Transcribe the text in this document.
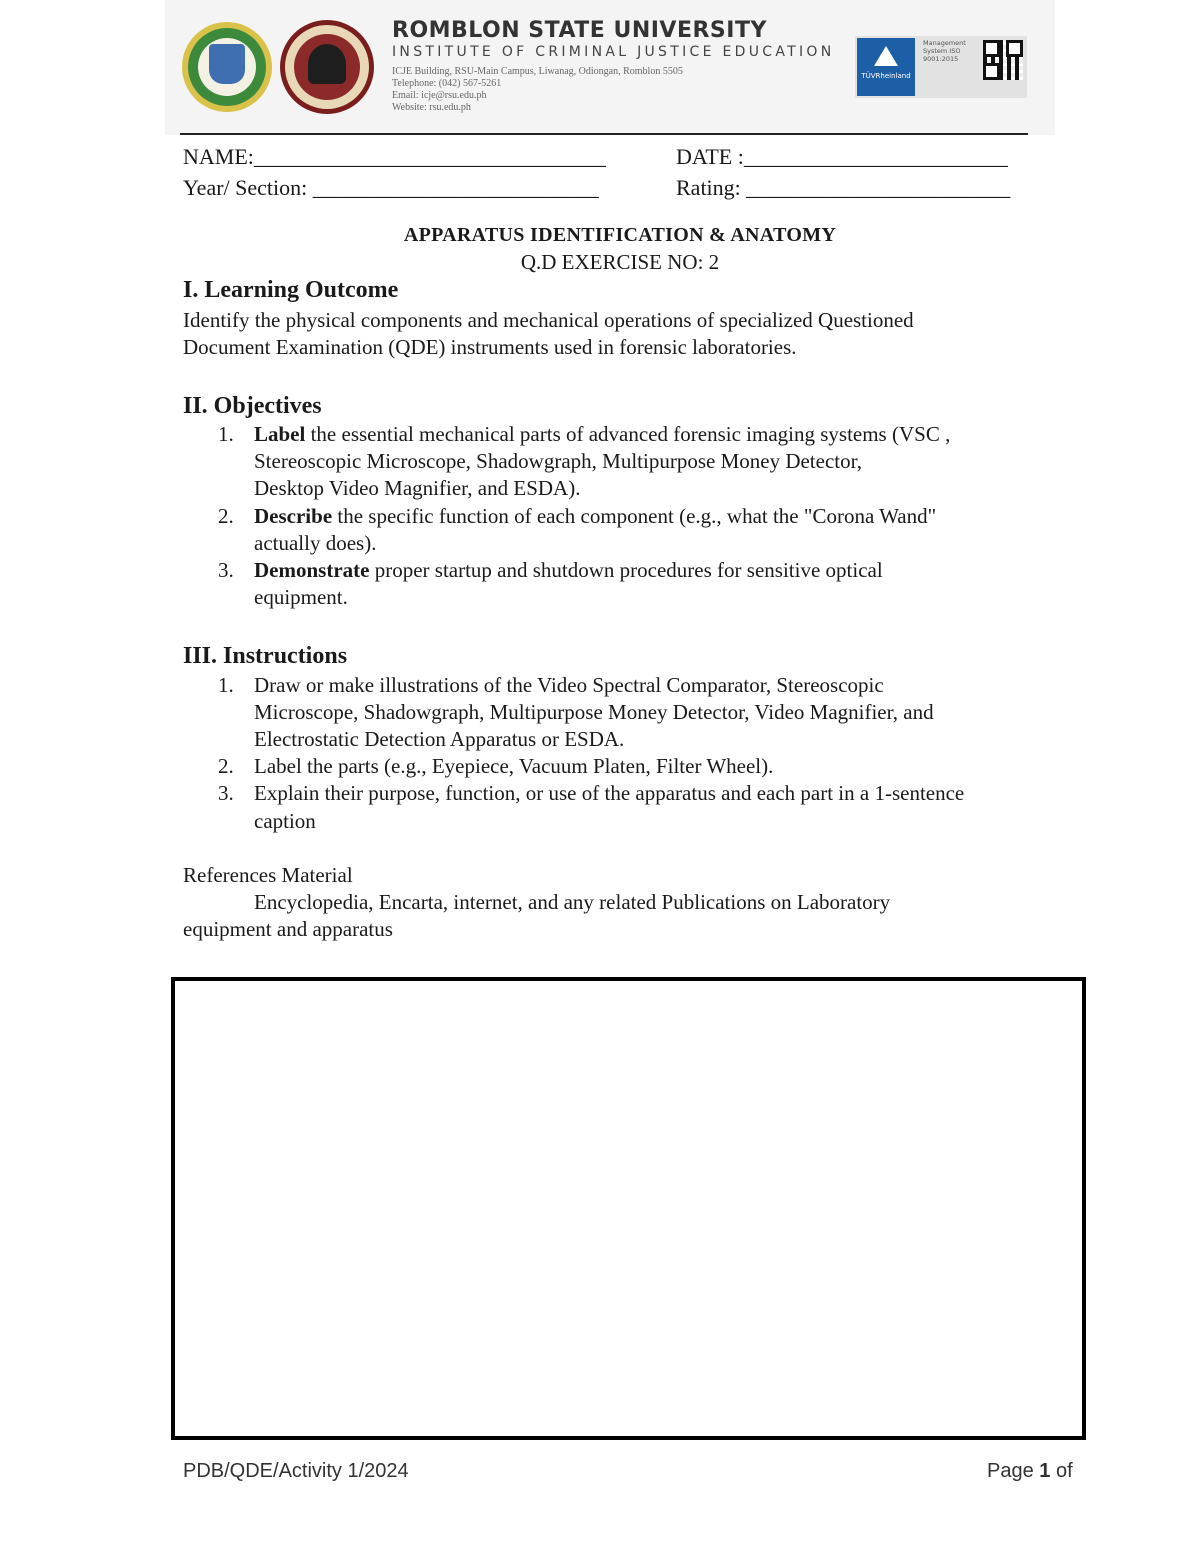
ROMBLON STATE UNIVERSITY
INSTITUTE OF CRIMINAL JUSTICE EDUCATION
ICJE Building, RSU-Main Campus, Liwanag, Odiongan, Romblon 5505
Telephone: (042) 567-5261
Email: icje@rsu.edu.ph
Website: rsu.edu.ph
TÜVRheinland
Management System ISO 9001:2015
NAME:________________________________	DATE :________________________
Year/ Section: __________________________	Rating: ________________________
APPARATUS IDENTIFICATION & ANATOMY
Q.D EXERCISE NO: 2
I. Learning Outcome
Identify the physical components and mechanical operations of specialized Questioned
Document Examination (QDE) instruments used in forensic laboratories.
II. Objectives
1. Label the essential mechanical parts of advanced forensic imaging systems (VSC ,
Stereoscopic Microscope, Shadowgraph, Multipurpose Money Detector,
Desktop Video Magnifier, and ESDA).
2. Describe the specific function of each component (e.g., what the "Corona Wand"
actually does).
3. Demonstrate proper startup and shutdown procedures for sensitive optical
equipment.
III. Instructions
1. Draw or make illustrations of the Video Spectral Comparator, Stereoscopic
Microscope, Shadowgraph, Multipurpose Money Detector, Video Magnifier, and
Electrostatic Detection Apparatus or ESDA.
2. Label the parts (e.g., Eyepiece, Vacuum Platen, Filter Wheel).
3. Explain their purpose, function, or use of the apparatus and each part in a 1-sentence
caption
References Material
Encyclopedia, Encarta, internet, and any related Publications on Laboratory
equipment and apparatus
PDB/QDE/Activity 1/2024	Page 1 of
